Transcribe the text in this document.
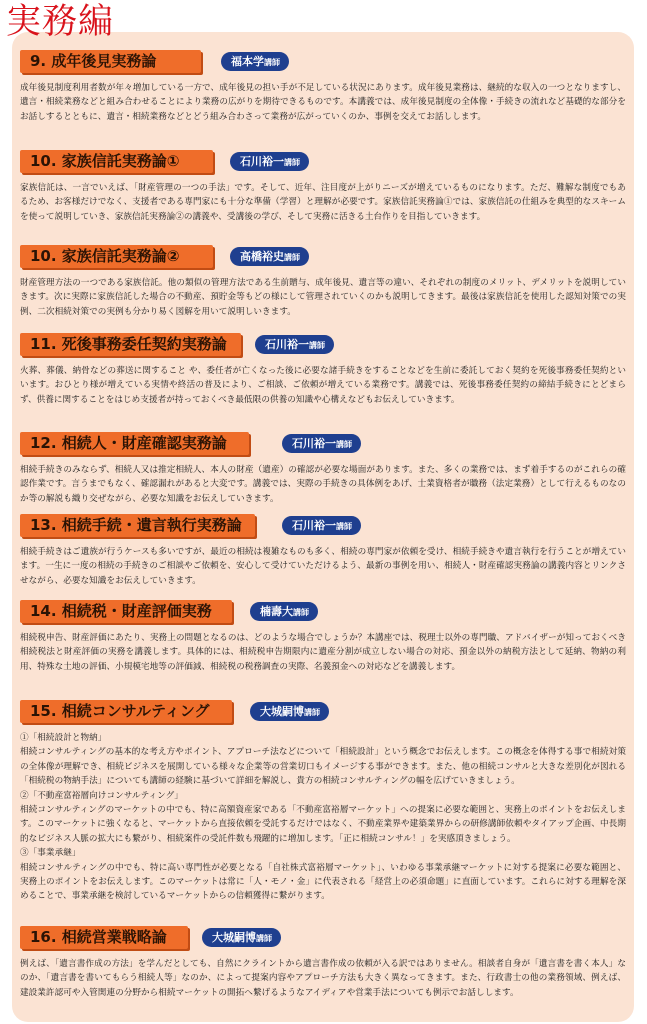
実務編
9. 成年後見実務論	福本学講師

成年後見制度利用者数が年々増加している一方で、成年後見の担い手が不足している状況にあります。成年後見業務は、継続的な収入の一つとなりますし、遺言・相続業務などと組み合わせることにより業務の広がりを期待できるものです。本講義では、成年後見制度の全体像・手続きの流れなど基礎的な部分をお話しするとともに、遺言・相続業務などとどう組み合わさって業務が広がっていくのか、事例を交えてお話しします。

10. 家族信託実務論①	石川裕一講師

家族信託は、一言でいえば、「財産管理の一つの手法」です。そして、近年、注目度が上がりニーズが増えているものになります。ただ、難解な制度でもあるため、お客様だけでなく、支援者である専門家にも十分な準備（学習）と理解が必要です。家族信託実務論①では、家族信託の仕組みを典型的なスキームを使って説明していき、家族信託実務論②の講義や、受講後の学び、そして実務に活きる土台作りを目指していきます。

10. 家族信託実務論②	高橋裕史講師

財産管理方法の一つである家族信託。他の類似の管理方法である生前贈与、成年後見、遺言等の違い、それぞれの制度のメリット、デメリットを説明していきます。次に実際に家族信託した場合の不動産、預貯金等もどの様にして管理されていくのかも説明してきます。最後は家族信託を使用した認知対策での実例、二次相続対策での実例も分かり易く図解を用いて説明しいきます。

11. 死後事務委任契約実務論	石川裕一講師

火葬、葬儀、納骨などの葬送に関すること や、委任者が亡くなった後に必要な諸手続きをすることなどを生前に委託しておく契約を死後事務委任契約といいます。おひとり様が増えている実情や終活の普及により、ご相談、ご依頼が増えている業務です。講義では、死後事務委任契約の締結手続きにとどまらず、供養に関することをはじめ支援者が持っておくべき最低限の供養の知識や心構えなどもお伝えしていきます。

12. 相続人・財産確認実務論	石川裕一講師

相続手続きのみならず、相続人又は推定相続人、本人の財産（遺産）の確認が必要な場面があります。また、多くの業務では、まず着手するのがこれらの確認作業です。言うまでもなく、確認漏れがあると大変です。講義では、実際の手続きの具体例をあげ、士業資格者が職務（法定業務）として行えるものなのか等の解説も織り交ぜながら、必要な知識をお伝えしていきます。

13. 相続手続・遺言執行実務論	石川裕一講師

相続手続きはご遺族が行うケースも多いですが、最近の相続は複雑なものも多く、相続の専門家が依頼を受け、相続手続きや遺言執行を行うことが増えています。一生に一度の相続の手続きのご相談やご依頼を、安心して受けていただけるよう、最新の事例を用い、相続人・財産確認実務論の講義内容とリンクさせながら、必要な知識をお伝えしていきます。

14. 相続税・財産評価実務	楠壽大講師

相続税申告、財産評価にあたり、実務上の問題となるのは、どのような場合でしょうか？本講座では、税理士以外の専門職、アドバイザーが知っておくべき相続税法と財産評価の実務を講義します。具体的には、相続税申告期限内に遺産分割が成立しない場合の対応、預金以外の納税方法として延納、物納の利用、特殊な土地の評価、小規模宅地等の評価減、相続税の税務調査の実際、名義預金への対応などを講義します。

15. 相続コンサルティング	大城嗣博講師

①「相続設計と物納」

相続コンサルティングの基本的な考え方やポイント、アプローチ法などについて「相続設計」という概念でお伝えします。この概念を体得する事で相続対策の全体像が理解でき、相続ビジネスを展開している様々な企業等の営業切口もイメージする事ができます。また、他の相続コンサルと大きな差別化が図れる「相続税の物納手法」についても講師の経験に基づいて詳細を解説し、貴方の相続コンサルティングの幅を広げていきましょう。

②「不動産富裕層向けコンサルティング」

相続コンサルティングのマーケットの中でも、特に高額資産家である「不動産富裕層マーケット」への提案に必要な範囲と、実務上のポイントをお伝えします。このマーケットに強くなると、マーケットから直接依頼を受託するだけではなく、不動産業界や建築業界からの研修講師依頼やタイアップ企画、中長期的なビジネス人脈の拡大にも繋がり、相続案件の受託件数も飛躍的に増加します。「正に相続コンサル！」を実感頂きましょう。

③「事業承継」

相続コンサルティングの中でも、特に高い専門性が必要となる「自社株式富裕層マーケット」、いわゆる事業承継マーケットに対する提案に必要な範囲と、実務上のポイントをお伝えします。このマーケットは常に「人・モノ・金」に代表される「経営上の必須命題」に直面しています。これらに対する理解を深めることで、事業承継を検討しているマーケットからの信頼獲得に繋がります。

16. 相続営業戦略論	大城嗣博講師

例えば、「遺言書作成の方法」を学んだとしても、自然にクライントから遺言書作成の依頼が入る訳ではありません。相談者自身が「遺言書を書く本人」なのか、「遺言書を書いてもらう相続人等」なのか、によって提案内容やアプローチ方法も大きく異なってきます。また、行政書士の他の業務領域、例えば、建設業許認可や入管関連の分野から相続マーケットの開拓へ繋げるようなアイディアや営業手法についても例示でお話しします。
